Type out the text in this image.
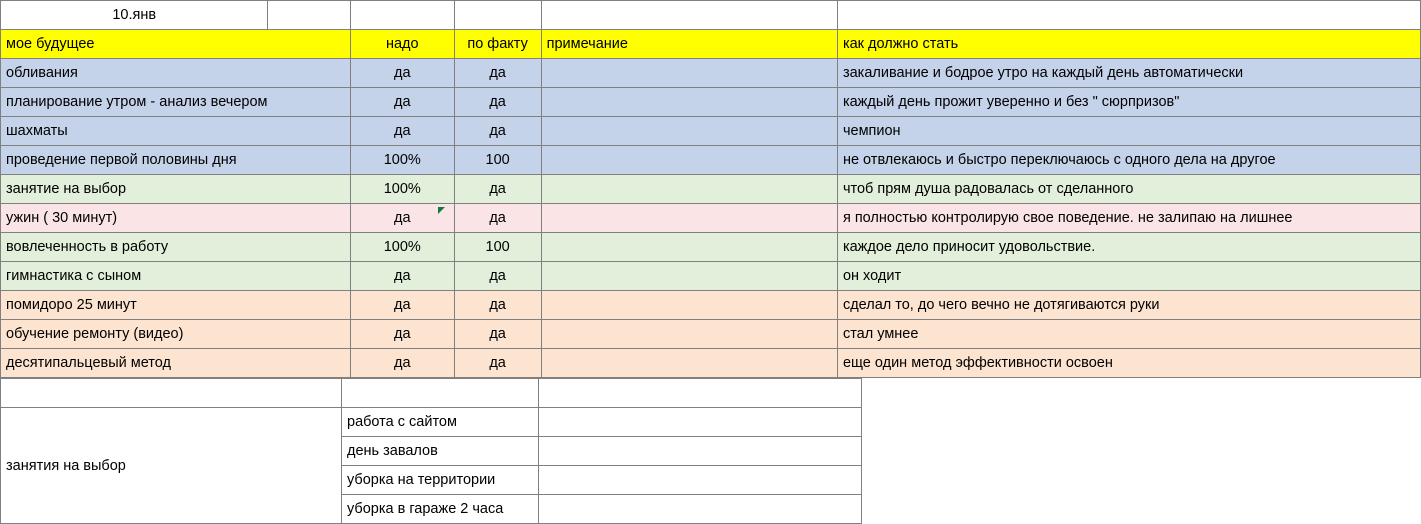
10.янв					
мое будущее		надо	по факту	примечание	как должно стать
обливания		да	да		закаливание и бодрое утро на каждый день автоматически
планирование утром - анализ вечером		да	да		каждый день прожит уверенно и без " сюрпризов"
шахматы		да	да		чемпион
проведение первой половины дня		100%	100		не отвлекаюсь и быстро переключаюсь с одного дела на другое
занятие на выбор		100%	да		чтоб прям душа радовалась от сделанного
ужин ( 30 минут)		да	да		я полностью контролирую свое поведение. не залипаю на лишнее
вовлеченность в работу		100%	100		каждое дело приносит удовольствие.
гимнастика с сыном		да	да		он ходит
помидоро 25 минут		да	да		сделал то, до чего вечно не дотягиваются руки
обучение ремонту (видео)		да	да		стал умнее
десятипальцевый метод		да	да		еще один метод эффективности освоен

занятия на выбор	работа с сайтом	
	день завалов	
	уборка на территории	
	уборка в гараже 2 часа	
